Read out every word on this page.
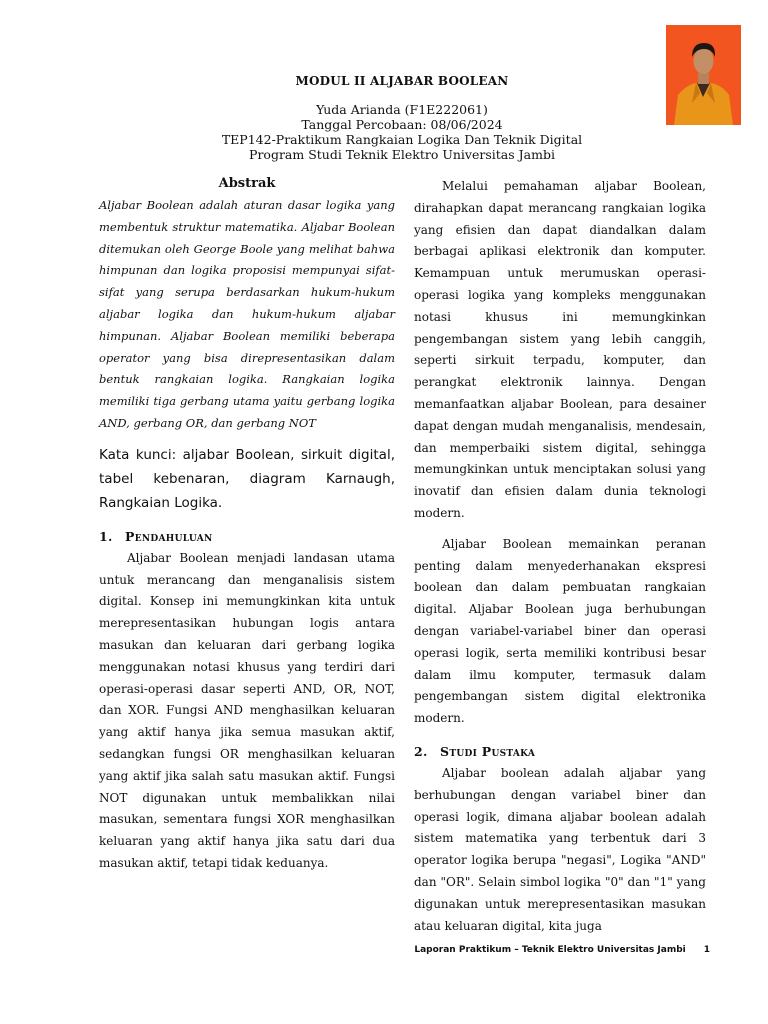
MODUL II ALJABAR BOOLEAN
Yuda Arianda (F1E222061)
Tanggal Percobaan: 08/06/2024
TEP142-Praktikum Rangkaian Logika Dan Teknik Digital
Program Studi Teknik Elektro Universitas Jambi
Abstrak
Aljabar Boolean adalah aturan dasar logika yang membentuk struktur matematika. Aljabar Boolean ditemukan oleh George Boole yang melihat bahwa himpunan dan logika proposisi mempunyai sifat-sifat yang serupa berdasarkan hukum-hukum aljabar logika dan hukum-hukum aljabar himpunan. Aljabar Boolean memiliki beberapa operator yang bisa direpresentasikan dalam bentuk rangkaian logika. Rangkaian logika memiliki tiga gerbang utama yaitu gerbang logika AND, gerbang OR, dan gerbang NOT
Kata kunci: aljabar Boolean, sirkuit digital, tabel kebenaran, diagram Karnaugh, Rangkaian Logika.
1. Pendahuluan

Aljabar Boolean menjadi landasan utama untuk merancang dan menganalisis sistem digital. Konsep ini memungkinkan kita untuk merepresentasikan hubungan logis antara masukan dan keluaran dari gerbang logika menggunakan notasi khusus yang terdiri dari operasi-operasi dasar seperti AND, OR, NOT, dan XOR. Fungsi AND menghasilkan keluaran yang aktif hanya jika semua masukan aktif, sedangkan fungsi OR menghasilkan keluaran yang aktif jika salah satu masukan aktif. Fungsi NOT digunakan untuk membalikkan nilai masukan, sementara fungsi XOR menghasilkan keluaran yang aktif hanya jika satu dari dua masukan aktif, tetapi tidak keduanya.

Melalui pemahaman aljabar Boolean, dirahapkan dapat merancang rangkaian logika yang efisien dan dapat diandalkan dalam berbagai aplikasi elektronik dan komputer. Kemampuan untuk merumuskan operasi-operasi logika yang kompleks menggunakan notasi khusus ini memungkinkan pengembangan sistem yang lebih canggih, seperti sirkuit terpadu, komputer, dan perangkat elektronik lainnya. Dengan memanfaatkan aljabar Boolean, para desainer dapat dengan mudah menganalisis, mendesain, dan memperbaiki sistem digital, sehingga memungkinkan untuk menciptakan solusi yang inovatif dan efisien dalam dunia teknologi modern.

Aljabar Boolean memainkan peranan penting dalam menyederhanakan ekspresi boolean dan dalam pembuatan rangkaian digital. Aljabar Boolean juga berhubungan dengan variabel-variabel biner dan operasi operasi logik, serta memiliki kontribusi besar dalam ilmu komputer, termasuk dalam pengembangan sistem digital elektronika modern.

2. Studi Pustaka

Aljabar boolean adalah aljabar yang berhubungan dengan variabel biner dan operasi logik, dimana aljabar boolean adalah sistem matematika yang terbentuk dari 3 operator logika berupa "negasi", Logika "AND" dan "OR". Selain simbol logika "0" dan "1" yang digunakan untuk merepresentasikan masukan atau keluaran digital, kita juga

Laporan Praktikum – Teknik Elektro Universitas Jambi 1
